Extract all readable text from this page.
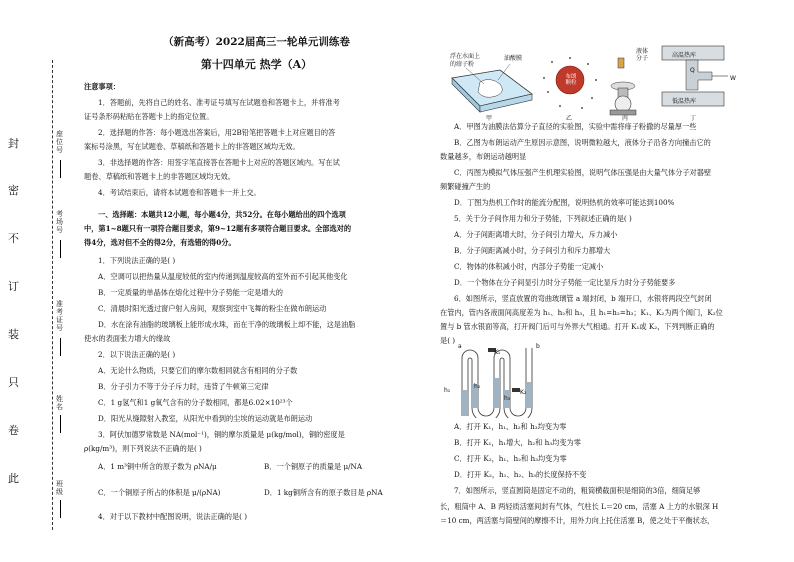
封
密
不
订
装
只
卷
此
座位号
考场号
准考证号
姓名
班级
（新高考）2022届高三一轮单元训练卷
第十四单元 热学（A）
注意事项：
1．答题前，先将自己的姓名、准考证号填写在试题卷和答题卡上，并将准考
证号条形码粘贴在答题卡上的指定位置。
2．选择题的作答：每小题选出答案后，用2B铅笔把答题卡上对应题目的答
案标号涂黑，写在试题卷、草稿纸和答题卡上的非答题区域均无效。
3．非选择题的作答：用签字笔直接答在答题卡上对应的答题区域内。写在试
题卷、草稿纸和答题卡上的非答题区域均无效。
4．考试结束后，请将本试题卷和答题卡一并上交。
一、选择题：本题共12小题，每小题4分，共52分。在每小题给出的四个选项
中，第1~8题只有一项符合题目要求，第9~12题有多项符合题目要求。全部选对的
得4分，选对但不全的得2分，有选错的得0分。
1．下列说法正确的是( )
A．空调可以把热量从温度较低的室内传递到温度较高的室外而不引起其他变化
B．一定质量的单晶体在熔化过程中分子势能一定是增大的
C．清晨时阳光透过窗户射入房间，观察到室中飞舞的粉尘在做布朗运动
D．水在涂有油脂的玻璃板上能形成水珠，而在干净的玻璃板上却不能，这是油脂
使水的表面张力增大的缘故
2．以下说法正确的是( )
A．无论什么物质，只要它们的摩尔数相同就含有相同的分子数
B．分子引力不等于分子斥力时，违背了牛顿第三定律
C．1 g氢气和1 g氧气含有的分子数相同，都是6.02×10²³个
D．阳光从缝隙射入教室，从阳光中看到的尘埃的运动就是布朗运动
3．阿伏加德罗常数是 NA(mol⁻¹)，铜的摩尔质量是 μ(kg/mol)，铜的密度是
ρ(kg/m³)，则下列说法不正确的是( )
A．1 m³铜中所含的原子数为 ρNA/μ	B．一个铜原子的质量是 μ/NA
C．一个铜原子所占的体积是 μ/(ρNA)	D．1 kg铜所含有的原子数目是 ρNA
4．对于以下教材中配图说明，说法正确的是( )
浮在水面上
的痱子粉
油酸膜
布朗
颗粒
液体
分子	高温热库
低温热库
Q
W
甲	乙	丙	丁
A．甲图为油膜法估算分子直径的实验图，实验中需将痱子粉撒的尽量厚一些
B．乙图为布朗运动产生原因示意图，说明微粒越大，液体分子沿各方向撞击它的
数量越多，布朗运动越明显
C．丙图为模拟气体压强产生机理实验图，说明气体压强是由大量气体分子对器壁
频繁碰撞产生的
D．丁图为热机工作时的能流分配图，说明热机的效率可能达到100%
5．关于分子间作用力和分子势能，下列叙述正确的是( )
A．分子间距离增大时，分子间引力增大，斥力减小
B．分子间距离减小时，分子间引力和斥力都增大
C．物体的体积减小时，内部分子势能一定减小
D．一个物体在分子间显引力时分子势能一定比显斥力时分子势能要多
6．如图所示，竖直放置的弯曲玻璃管 a 端封闭，b 端开口，水银将两段空气封闭
在管内，管内各液面间高度差为 h₁、h₂和 h₃，且 h₁=h₂=h₃；K₁、K₂为两个阀门，K₂位
置与 b 管水银面等高，打开阀门后可与外界大气相通。打开 K₁或 K₂，下列判断正确的
是( )
a	b
K₁
K₂
h₁
h₂
h₃
A．打开 K₁，h₁、h₂和 h₃均变为零
B．打开 K₁，h₁增大，h₂和 h₃均变为零
C．打开 K₂，h₁、h₂和 h₃均变为零
D．打开 K₂，h₁、h₂、h₃的长度保持不变
7．如图所示，竖直圆筒是固定不动的，粗筒横截面积是细筒的3倍，细筒足够
长，粗筒中 A、B 两轻质活塞间封有气体，气柱长 L＝20 cm，活塞 A 上方的水银深 H
＝10 cm，两活塞与筒壁间的摩擦不计，用外力向上托住活塞 B，使之处于平衡状态，
